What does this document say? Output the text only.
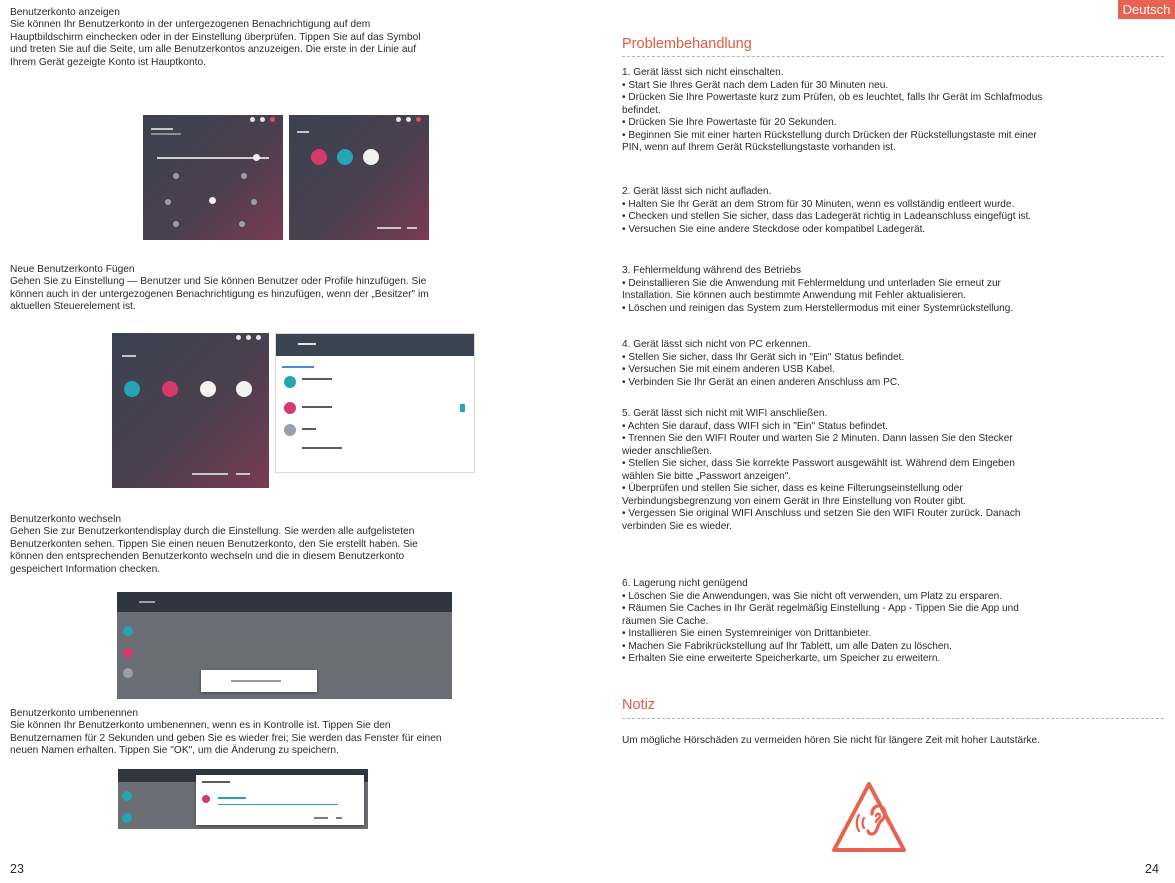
Benutzerkonto anzeigen
Sie können Ihr Benutzerkonto in der untergezogenen Benachrichtigung auf dem
Hauptbildschirm einchecken oder in der Einstellung überprüfen. Tippen Sie auf das Symbol
und treten Sie auf die Seite, um alle Benutzerkontos anzuzeigen. Die erste in der Linie auf
Ihrem Gerät gezeigte Konto ist Hauptkonto.
Neue Benutzerkonto Fügen
Gehen Sie zu Einstellung — Benutzer und Sie können Benutzer oder Profile hinzufügen. Sie
können auch in der untergezogenen Benachrichtigung es hinzufügen, wenn der „Besitzer" im
aktuellen Steuerelement ist.
Benutzerkonto wechseln
Gehen Sie zur Benutzerkontendisplay durch die Einstellung. Sie werden alle aufgelisteten
Benutzerkonten sehen. Tippen Sie einen neuen Benutzerkonto, den Sie erstellt haben. Sie
können den entsprechenden Benutzerkonto wechseln und die in diesem Benutzerkonto
gespeichert Information checken.
Benutzerkonto umbenennen
Sie können Ihr Benutzerkonto umbenennen, wenn es in Kontrolle ist. Tippen Sie den
Benutzernamen für 2 Sekunden und geben Sie es wieder frei; Sie werden das Fenster für einen
neuen Namen erhalten. Tippen Sie "OK", um die Änderung zu speichern.
23
Deutsch
Problembehandlung
1. Gerät lässt sich nicht einschalten.
• Start Sie Ihres Gerät nach dem Laden für 30 Minuten neu.
• Drücken Sie Ihre Powertaste kurz zum Prüfen, ob es leuchtet, falls Ihr Gerät im Schlafmodus
befindet.
• Drücken Sie Ihre Powertaste für 20 Sekunden.
• Beginnen Sie mit einer harten Rückstellung durch Drücken der Rückstellungstaste mit einer
PIN, wenn auf Ihrem Gerät Rückstellungstaste vorhanden ist.
2. Gerät lässt sich nicht aufladen.
• Halten Sie Ihr Gerät an dem Strom für 30 Minuten, wenn es vollständig entleert wurde.
• Checken und stellen Sie sicher, dass das Ladegerät richtig in Ladeanschluss eingefügt ist.
• Versuchen Sie eine andere Steckdose oder kompatibel Ladegerät.
3. Fehlermeldung während des Betriebs
• Deinstallieren Sie die Anwendung mit Fehlermeldung und unterladen Sie erneut zur
Installation. Sie können auch bestimmte Anwendung mit Fehler aktualisieren.
• Löschen und reinigen das System zum Herstellermodus mit einer Systemrückstellung.
4. Gerät lässt sich nicht von PC erkennen.
• Stellen Sie sicher, dass Ihr Gerät sich in "Ein" Status befindet.
• Versuchen Sie mit einem anderen USB Kabel.
• Verbinden Sie Ihr Gerät an einen anderen Anschluss am PC.
5. Gerät lässt sich nicht mit WIFI anschließen.
• Achten Sie darauf, dass WIFI sich in "Ein" Status befindet.
• Trennen Sie den WIFI Router und warten Sie 2 Minuten. Dann lassen Sie den Stecker
wieder anschließen.
• Stellen Sie sicher, dass Sie korrekte Passwort ausgewählt ist. Während dem Eingeben
wählen Sie bitte „Passwort anzeigen".
• Überprüfen und stellen Sie sicher, dass es keine Filterungseinstellung oder
Verbindungsbegrenzung von einem Gerät in Ihre Einstellung von Router gibt.
• Vergessen Sie original WIFI Anschluss und setzen Sie den WIFI Router zurück. Danach
verbinden Sie es wieder.
6. Lagerung nicht genügend
• Löschen Sie die Anwendungen, was Sie nicht oft verwenden, um Platz zu ersparen.
• Räumen Sie Caches in Ihr Gerät regelmäßig Einstellung - App - Tippen Sie die App und
räumen Sie Cache.
• Installieren Sie einen Systemreiniger von Drittanbieter.
• Machen Sie Fabrikrückstellung auf Ihr Tablett, um alle Daten zu löschen.
• Erhalten Sie eine erweiterte Speicherkarte, um Speicher zu erweitern.
Notiz
Um mögliche Hörschäden zu vermeiden hören Sie nicht für längere Zeit mit hoher Lautstärke.
24
